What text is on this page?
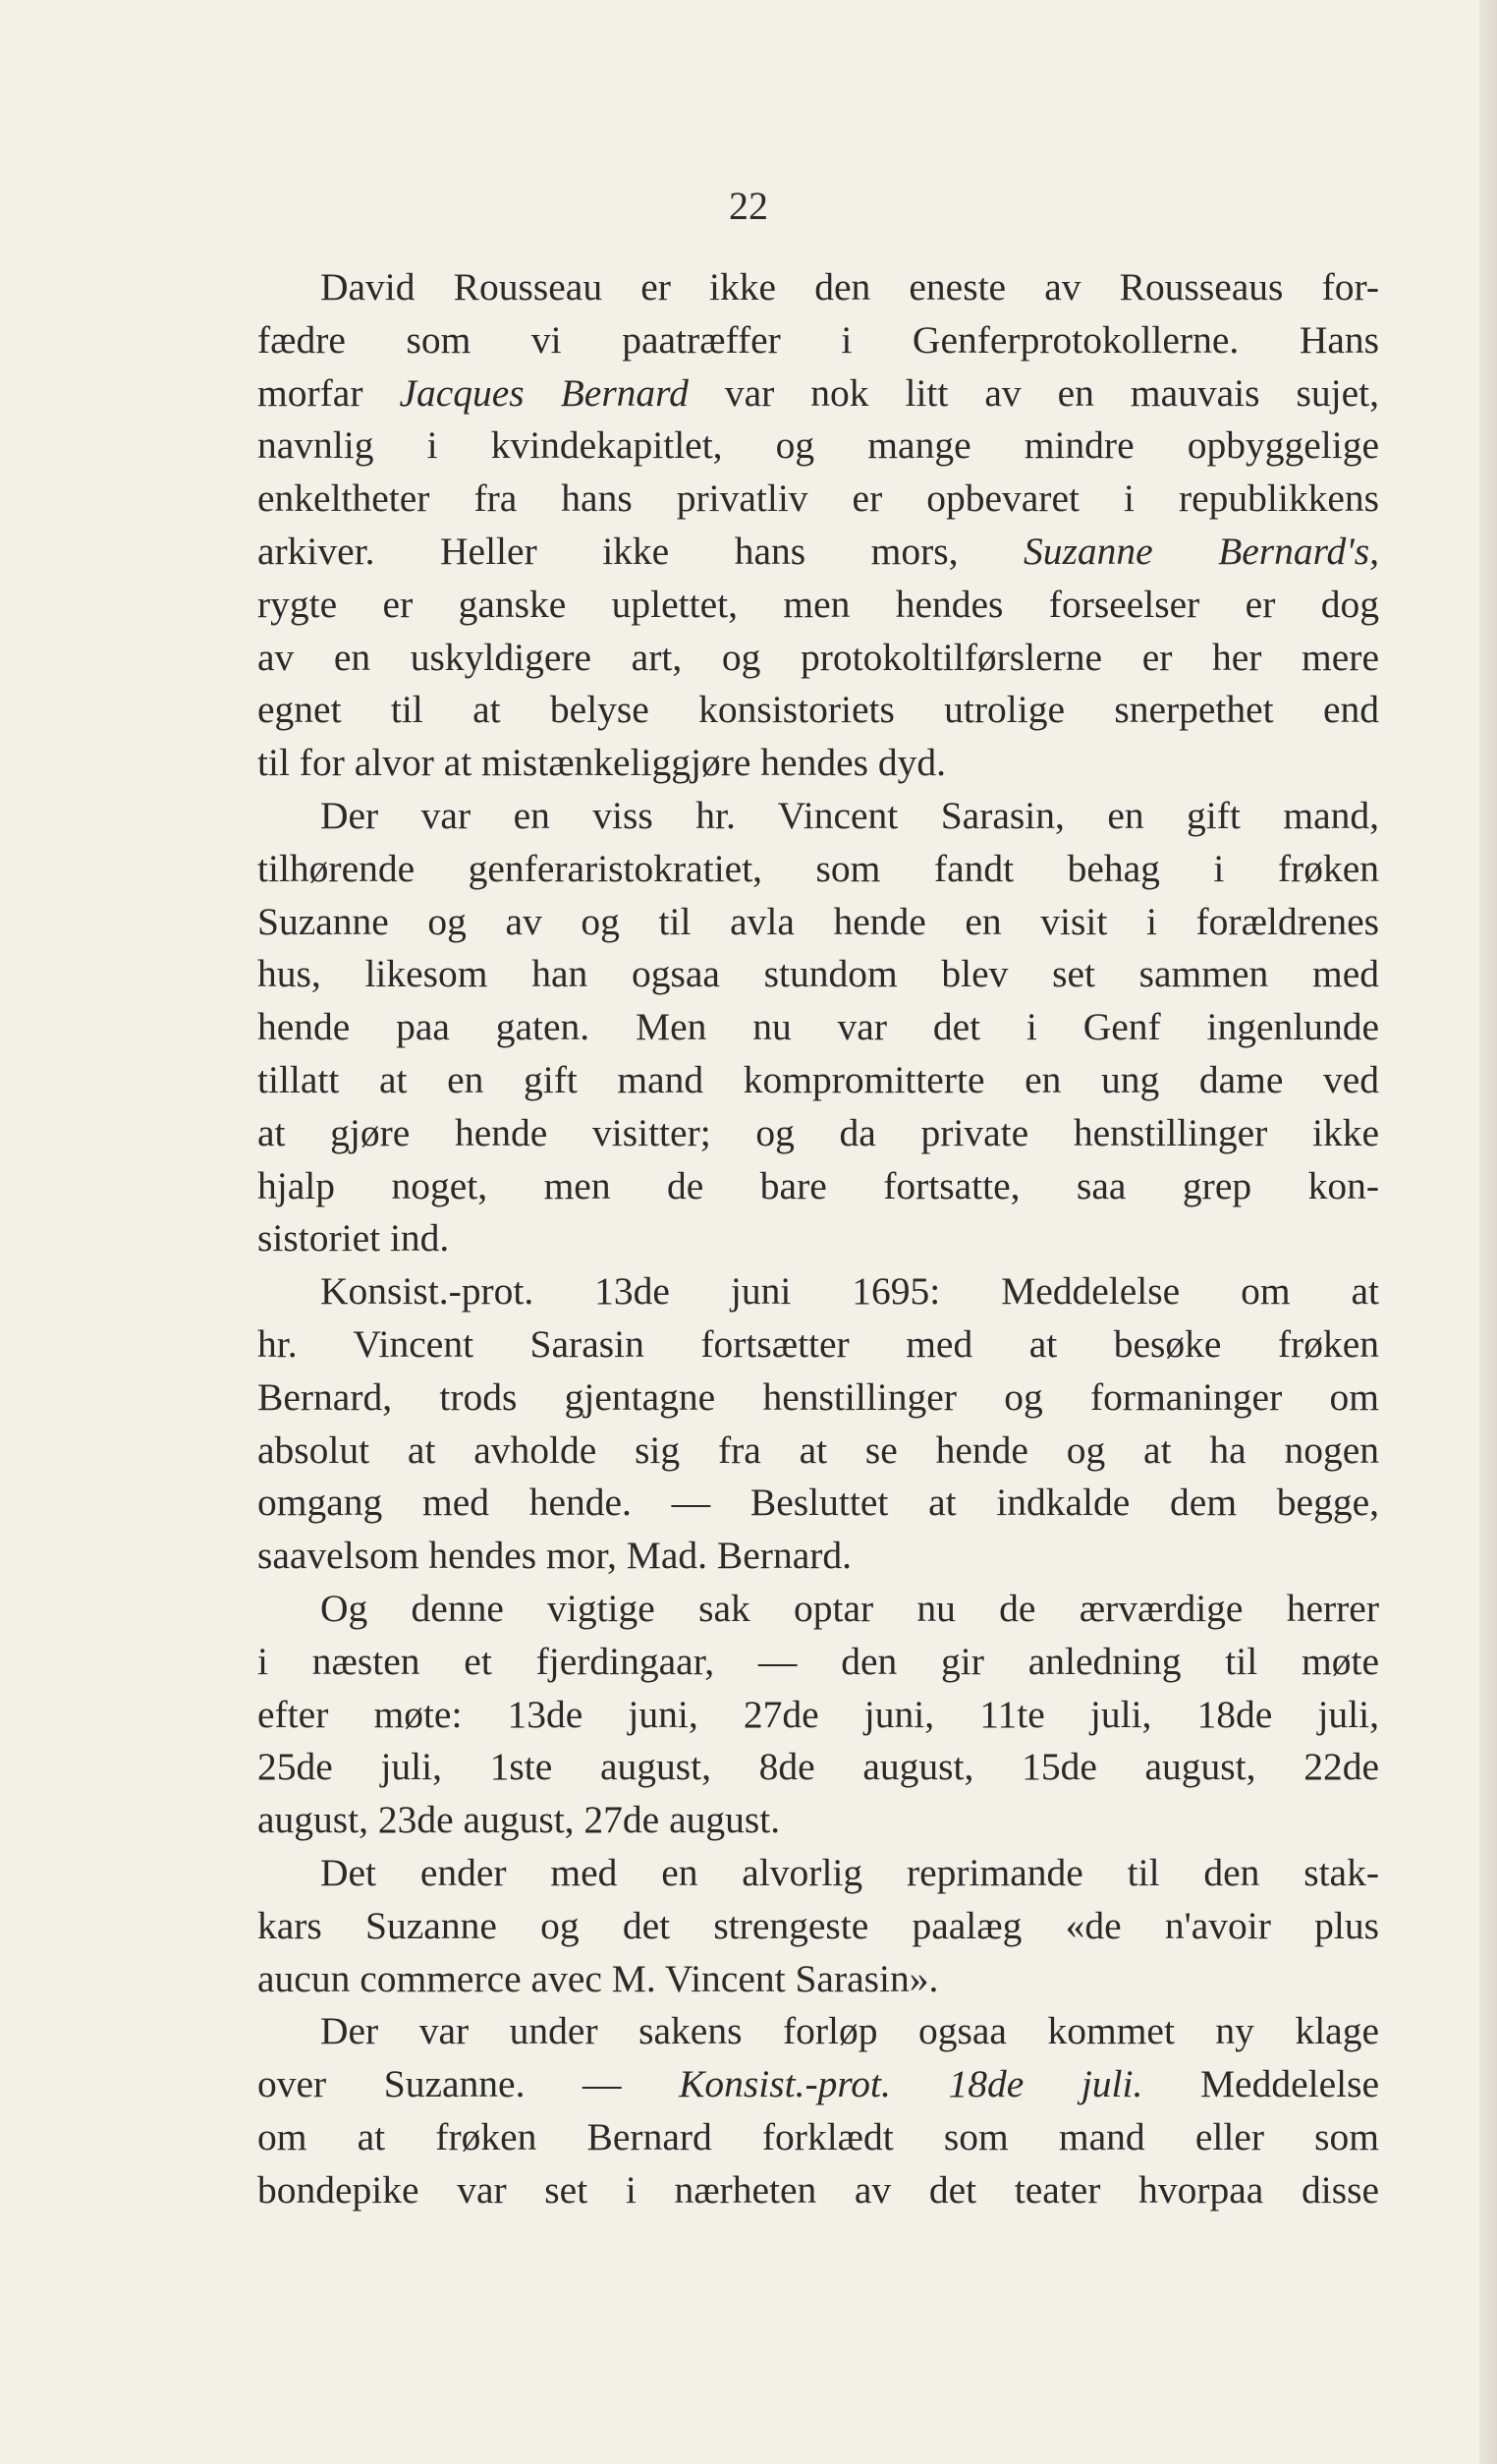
22
David Rousseau er ikke den eneste av Rousseaus for-
fædre som vi paatræffer i Genferprotokollerne. Hans
morfar Jacques Bernard var nok litt av en mauvais sujet,
navnlig i kvindekapitlet, og mange mindre opbyggelige
enkeltheter fra hans privatliv er opbevaret i republikkens
arkiver. Heller ikke hans mors, Suzanne Bernard's,
rygte er ganske uplettet, men hendes forseelser er dog
av en uskyldigere art, og protokoltilførslerne er her mere
egnet til at belyse konsistoriets utrolige snerpethet end
til for alvor at mistænkeliggjøre hendes dyd.
Der var en viss hr. Vincent Sarasin, en gift mand,
tilhørende genferaristokratiet, som fandt behag i frøken
Suzanne og av og til avla hende en visit i forældrenes
hus, likesom han ogsaa stundom blev set sammen med
hende paa gaten. Men nu var det i Genf ingenlunde
tillatt at en gift mand kompromitterte en ung dame ved
at gjøre hende visitter; og da private henstillinger ikke
hjalp noget, men de bare fortsatte, saa grep kon-
sistoriet ind.
Konsist.-prot. 13de juni 1695: Meddelelse om at
hr. Vincent Sarasin fortsætter med at besøke frøken
Bernard, trods gjentagne henstillinger og formaninger om
absolut at avholde sig fra at se hende og at ha nogen
omgang med hende. — Besluttet at indkalde dem begge,
saavelsom hendes mor, Mad. Bernard.
Og denne vigtige sak optar nu de ærværdige herrer
i næsten et fjerdingaar, — den gir anledning til møte
efter møte: 13de juni, 27de juni, 11te juli, 18de juli,
25de juli, 1ste august, 8de august, 15de august, 22de
august, 23de august, 27de august.
Det ender med en alvorlig reprimande til den stak-
kars Suzanne og det strengeste paalæg «de n'avoir plus
aucun commerce avec M. Vincent Sarasin».
Der var under sakens forløp ogsaa kommet ny klage
over Suzanne. — Konsist.-prot. 18de juli. Meddelelse
om at frøken Bernard forklædt som mand eller som
bondepike var set i nærheten av det teater hvorpaa disse
